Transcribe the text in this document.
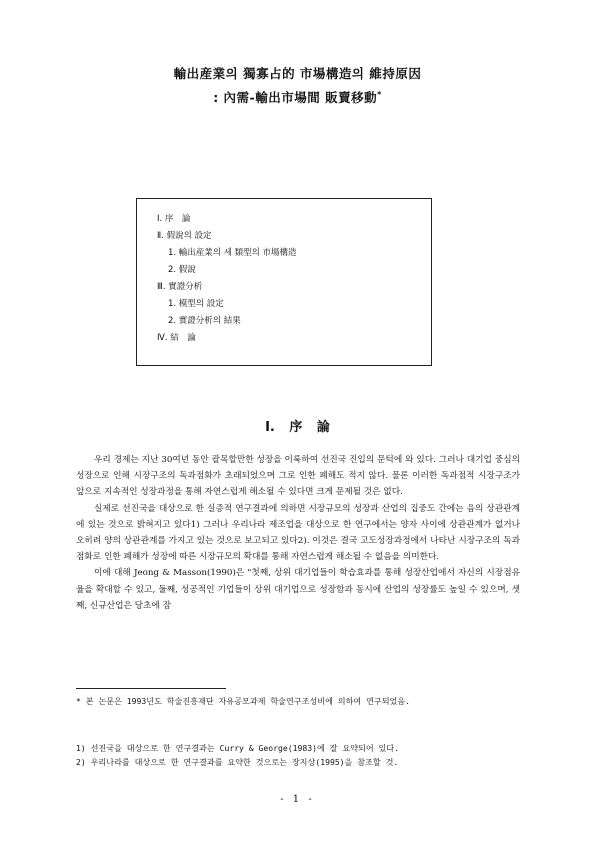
輸出産業의 獨寡占的 市場構造의 維持原因
: 內需-輸出市場間 販賣移動*
Ⅰ. 序　論
Ⅱ. 假說의 設定
1. 輸出産業의 세 類型의 市場構造
2. 假說
Ⅲ. 實證分析
1. 模型의 設定
2. 實證分析의 結果
Ⅳ. 結　論
Ⅰ. 序 論

우리 경제는 지난 30여년 동안 괄목할만한 성장을 이룩하여 선진국 진입의 문턱에 와 있다. 그러나 대기업 중심의 성장으로 인해 시장구조의 독과점화가 초래되었으며 그로 인한 폐해도 적지 않다. 물론 이러한 독과점적 시장구조가 앞으로 지속적인 성장과정을 통해 자연스럽게 해소될 수 있다면 크게 문제될 것은 없다.

실제로 선진국을 대상으로 한 실증적 연구결과에 의하면 시장규모의 성장과 산업의 집중도 간에는 음의 상관관계에 있는 것으로 밝혀지고 있다1) 그러나 우리나라 제조업을 대상으로 한 연구에서는 양자 사이에 상관관계가 없거나 오히려 양의 상관관계를 가지고 있는 것으로 보고되고 있다2). 이것은 결국 고도성장과정에서 나타난 시장구조의 독과점화로 인한 폐해가 성장에 따른 시장규모의 확대를 통해 자연스럽게 해소될 수 없음을 의미한다.

이에 대해 Jeong & Masson(1990)은 "첫째, 상위 대기업들이 학습효과를 통해 성장산업에서 자신의 시장점유율을 확대할 수 있고, 둘째, 성공적인 기업들이 상위 대기업으로 성장함과 동시에 산업의 성장률도 높일 수 있으며, 셋째, 신규산업은 당초에 잠

* 본 논문은 1993년도 학술진흥재단 자유공모과제 학술연구조성비에 의하여 연구되었음.
1) 선진국을 대상으로 한 연구결과는 Curry & George(1983)에 잘 요약되어 있다.
2) 우리나라를 대상으로 한 연구결과를 요약한 것으로는 장지상(1995)을 참조할 것.
- 1 -
